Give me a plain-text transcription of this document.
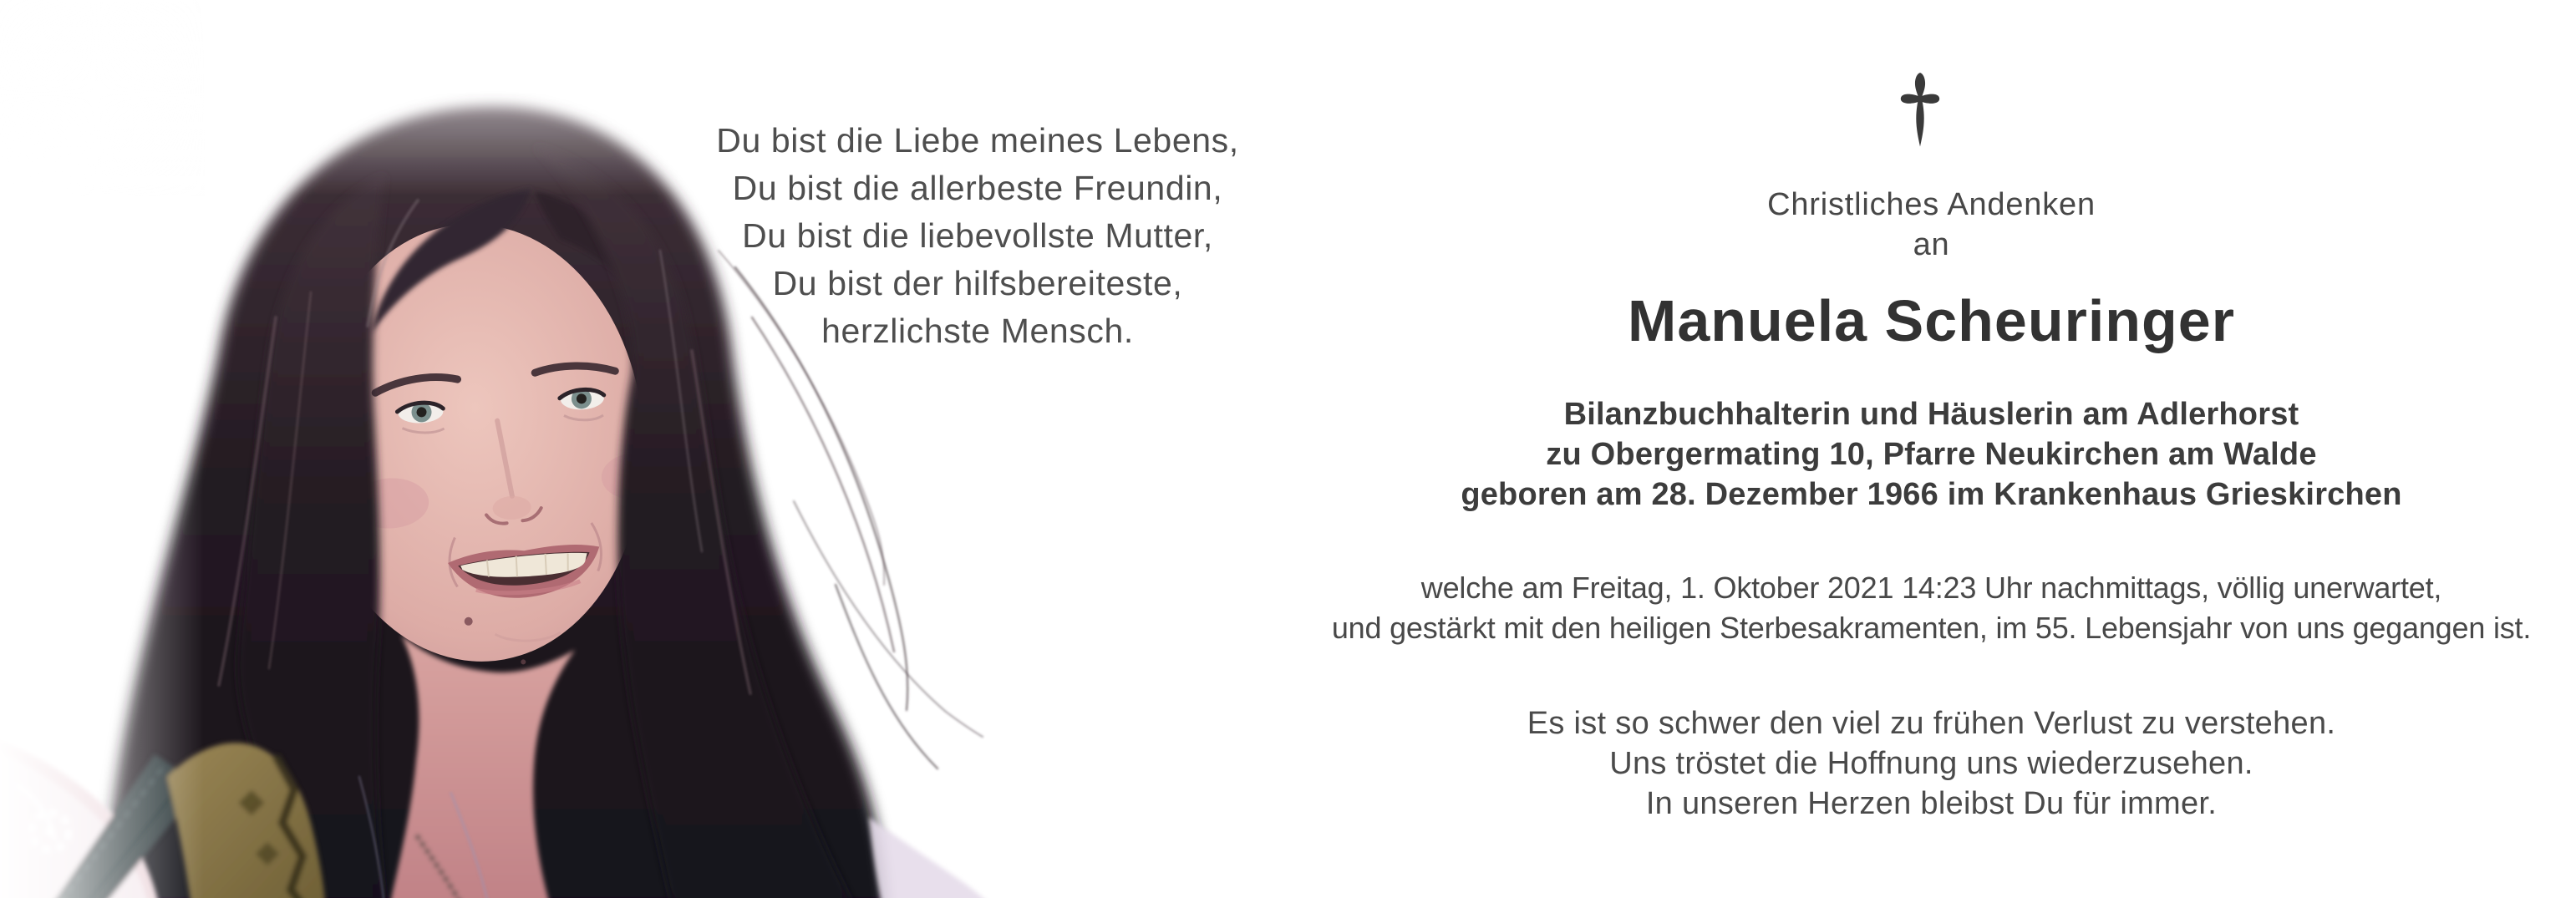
Du bist die Liebe meines Lebens,
Du bist die allerbeste Freundin,
Du bist die liebevollste Mutter,
Du bist der hilfsbereiteste,
herzlichste Mensch.
Christliches Andenken
an
Manuela Scheuringer
Bilanzbuchhalterin und Häuslerin am Adlerhorst
zu Obergermating 10, Pfarre Neukirchen am Walde
geboren am 28. Dezember 1966 im Krankenhaus Grieskirchen
welche am Freitag, 1. Oktober 2021 14:23 Uhr nachmittags, völlig unerwartet,
und gestärkt mit den heiligen Sterbesakramenten, im 55. Lebensjahr von uns gegangen ist.
Es ist so schwer den viel zu frühen Verlust zu verstehen.
Uns tröstet die Hoffnung uns wiederzusehen.
In unseren Herzen bleibst Du für immer.
